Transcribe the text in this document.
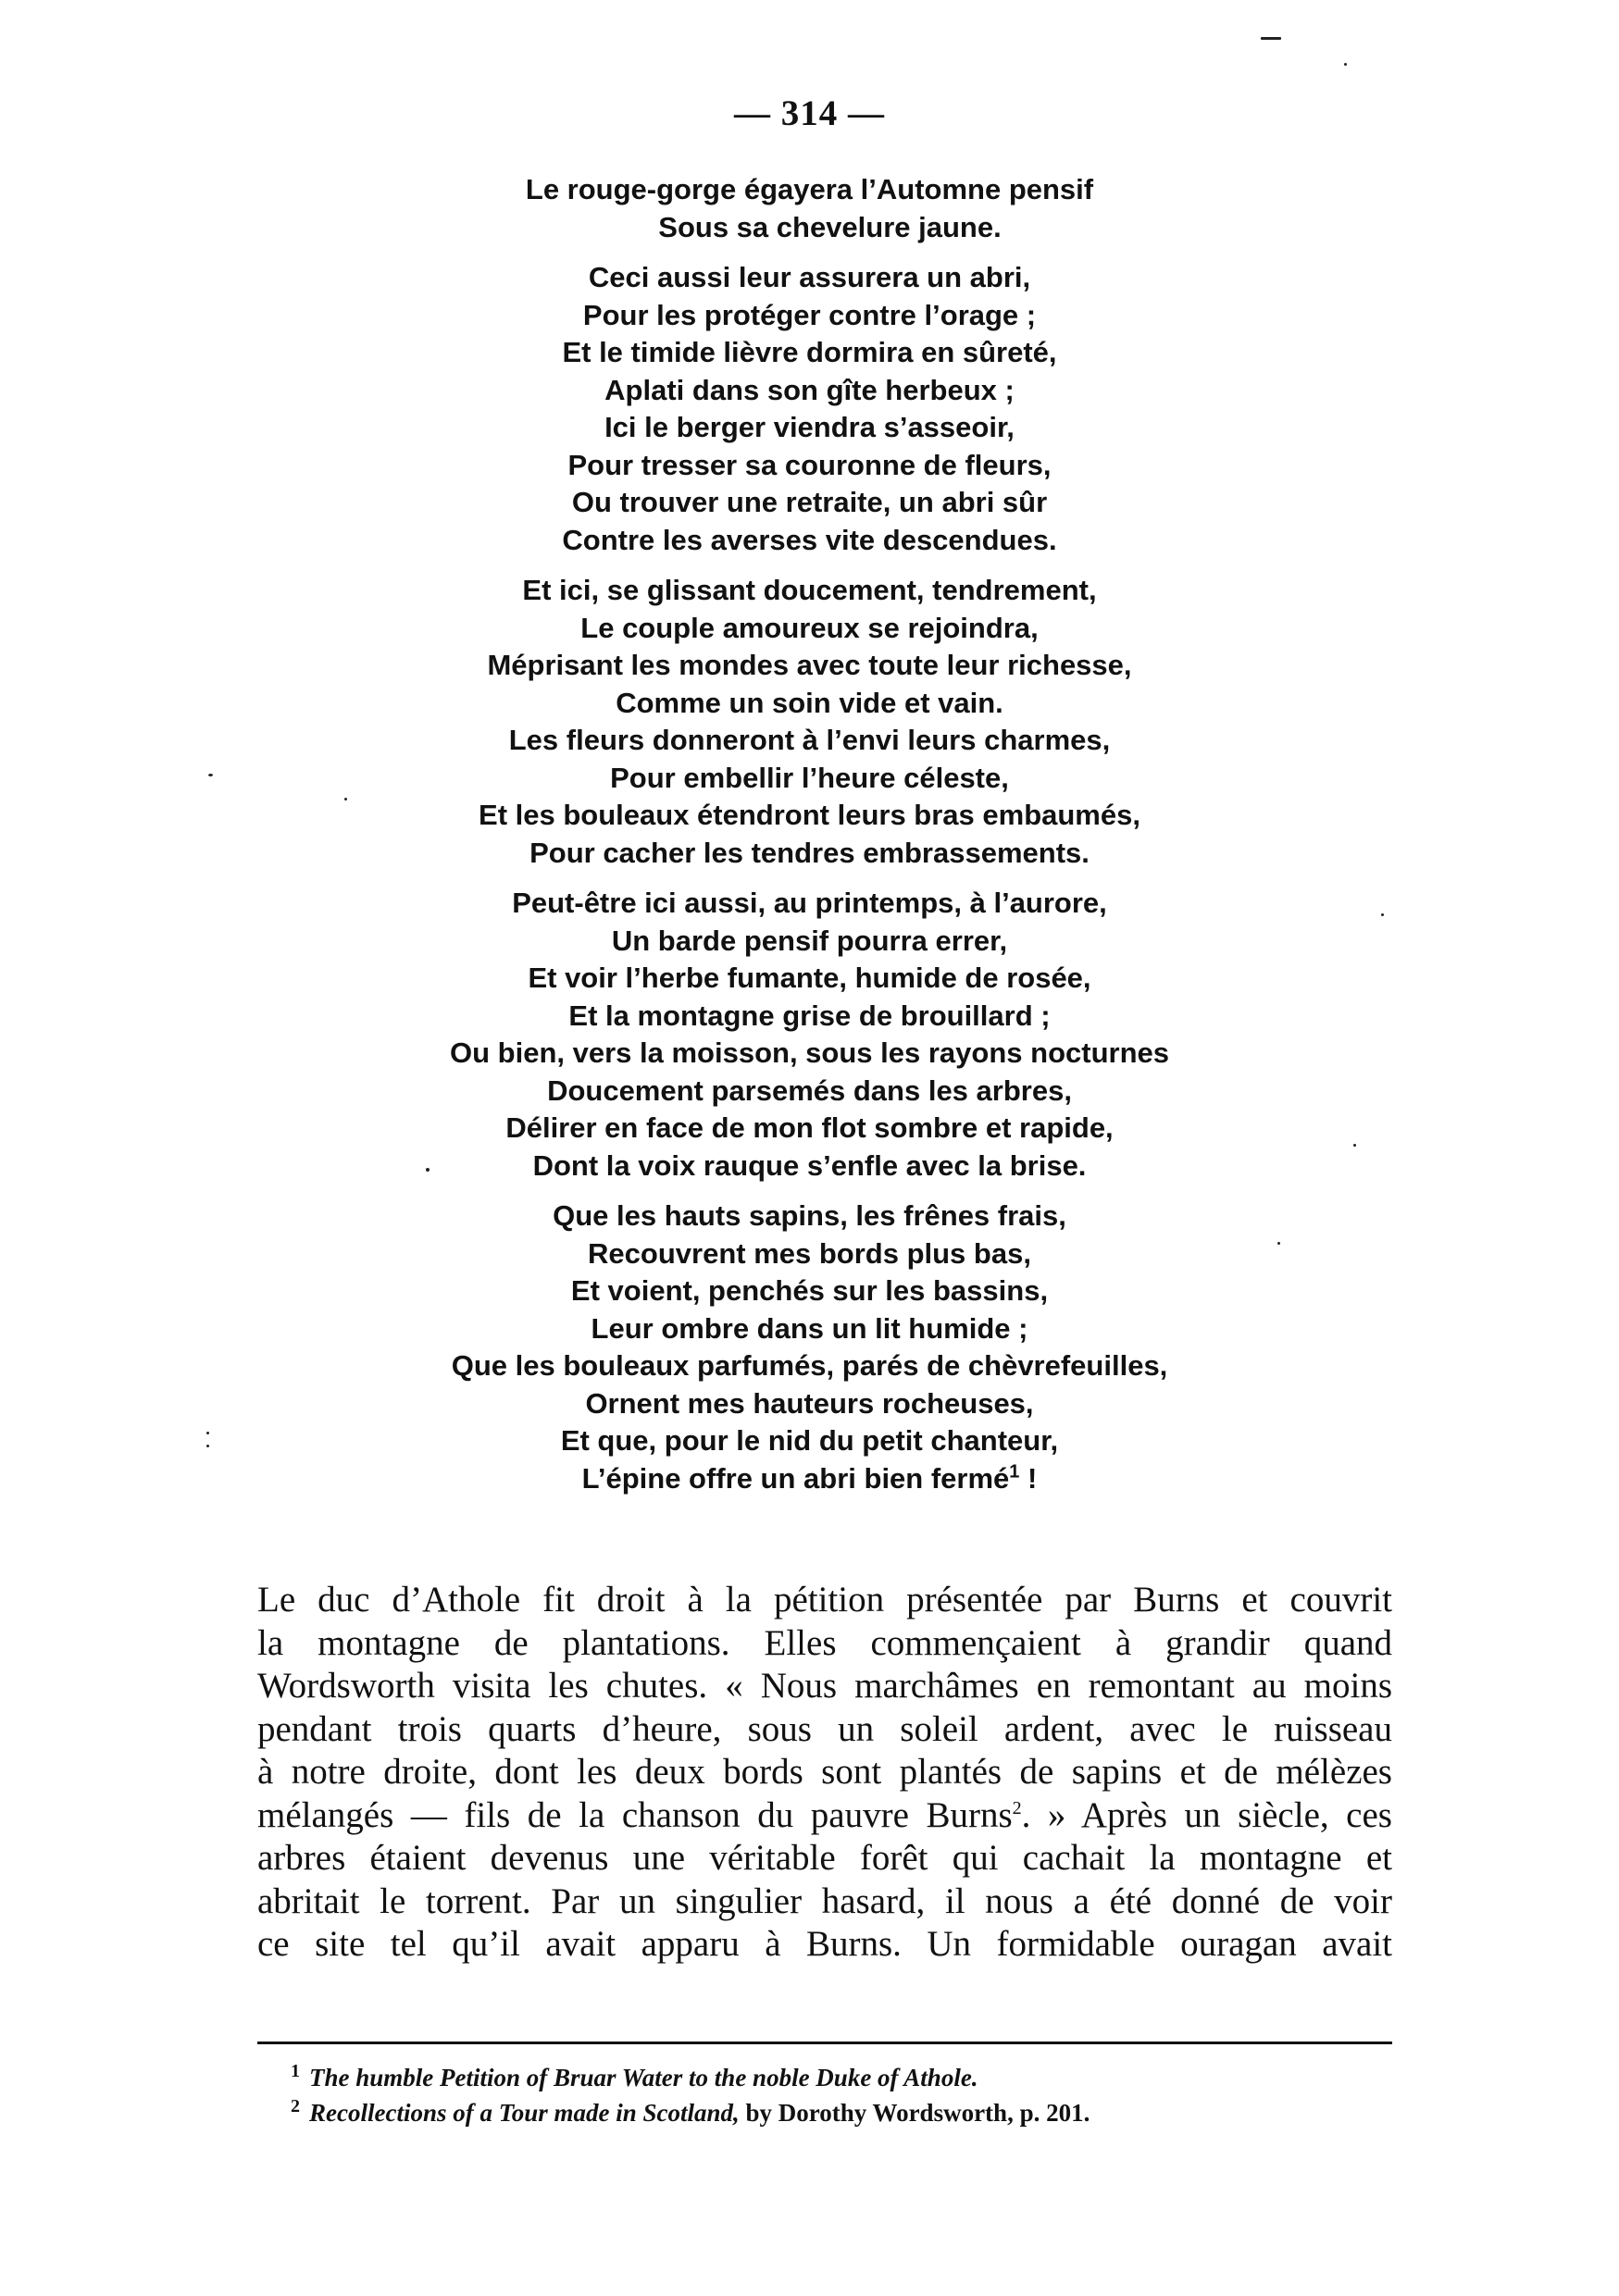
— 314 —
Le rouge-gorge égayera l’Automne pensif
Sous sa chevelure jaune.
Ceci aussi leur assurera un abri,
Pour les protéger contre l’orage ;
Et le timide lièvre dormira en sûreté,
Aplati dans son gîte herbeux ;
Ici le berger viendra s’asseoir,
Pour tresser sa couronne de fleurs,
Ou trouver une retraite, un abri sûr
Contre les averses vite descendues.
Et ici, se glissant doucement, tendrement,
Le couple amoureux se rejoindra,
Méprisant les mondes avec toute leur richesse,
Comme un soin vide et vain.
Les fleurs donneront à l’envi leurs charmes,
Pour embellir l’heure céleste,
Et les bouleaux étendront leurs bras embaumés,
Pour cacher les tendres embrassements.
Peut-être ici aussi, au printemps, à l’aurore,
Un barde pensif pourra errer,
Et voir l’herbe fumante, humide de rosée,
Et la montagne grise de brouillard ;
Ou bien, vers la moisson, sous les rayons nocturnes
Doucement parsemés dans les arbres,
Délirer en face de mon flot sombre et rapide,
Dont la voix rauque s’enfle avec la brise.
Que les hauts sapins, les frênes frais,
Recouvrent mes bords plus bas,
Et voient, penchés sur les bassins,
Leur ombre dans un lit humide ;
Que les bouleaux parfumés, parés de chèvrefeuilles,
Ornent mes hauteurs rocheuses,
Et que, pour le nid du petit chanteur,
L’épine offre un abri bien fermé$^1$ !
Le duc d’Athole fit droit à la pétition présentée par Burns et couvrit
la montagne de plantations. Elles commençaient à grandir quand
Wordsworth visita les chutes. « Nous marchâmes en remontant au moins
pendant trois quarts d’heure, sous un soleil ardent, avec le ruisseau
à notre droite, dont les deux bords sont plantés de sapins et de mélèzes
mélangés — fils de la chanson du pauvre Burns$^2$. » Après un siècle, ces
arbres étaient devenus une véritable forêt qui cachait la montagne et
abritait le torrent. Par un singulier hasard, il nous a été donné de voir
ce site tel qu’il avait apparu à Burns. Un formidable ouragan avait
$^1$ The humble Petition of Bruar Water to the noble Duke of Athole.
$^2$ Recollections of a Tour made in Scotland, by Dorothy Wordsworth, p. 201.
